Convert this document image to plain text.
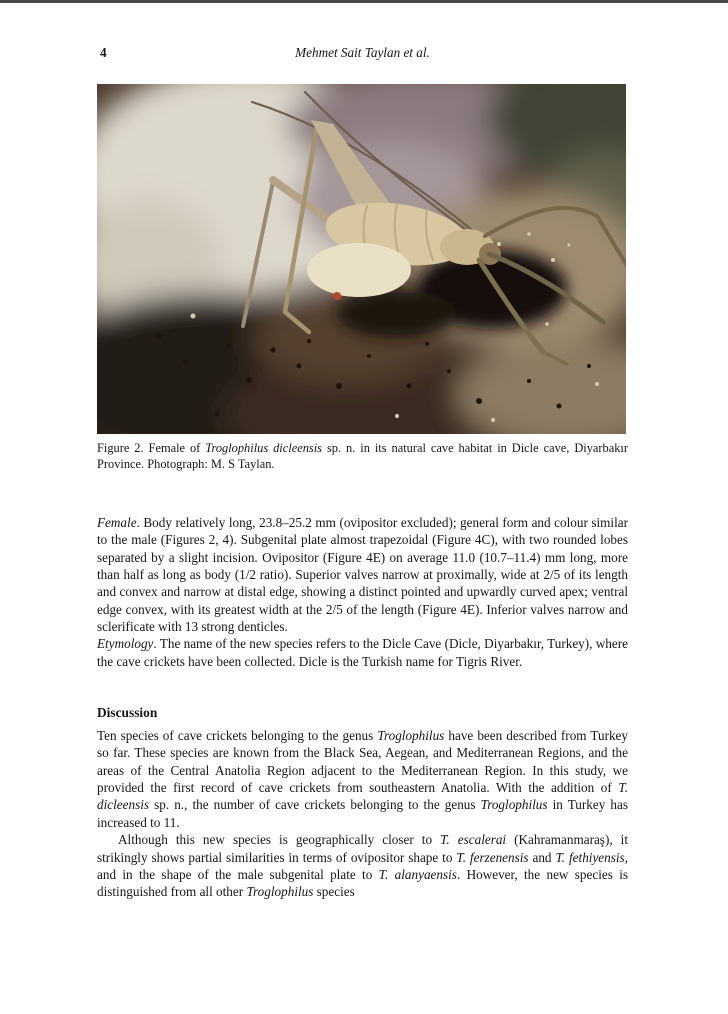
4	Mehmet Sait Taylan et al.

Figure 2. Female of Troglophilus dicleensis sp. n. in its natural cave habitat in Dicle cave, Diyarbakır Province. Photograph: M. S Taylan.

Female. Body relatively long, 23.8–25.2 mm (ovipositor excluded); general form and colour similar to the male (Figures 2, 4). Subgenital plate almost trapezoidal (Figure 4C), with two rounded lobes separated by a slight incision. Ovipositor (Figure 4E) on average 11.0 (10.7–11.4) mm long, more than half as long as body (1/2 ratio). Superior valves narrow at proximally, wide at 2/5 of its length and convex and narrow at distal edge, showing a distinct pointed and upwardly curved apex; ventral edge convex, with its greatest width at the 2/5 of the length (Figure 4E). Inferior valves narrow and sclerificate with 13 strong denticles.

Etymology. The name of the new species refers to the Dicle Cave (Dicle, Diyarbakır, Turkey), where the cave crickets have been collected. Dicle is the Turkish name for Tigris River.

Discussion

Ten species of cave crickets belonging to the genus Troglophilus have been described from Turkey so far. These species are known from the Black Sea, Aegean, and Mediterranean Regions, and the areas of the Central Anatolia Region adjacent to the Mediterranean Region. In this study, we provided the first record of cave crickets from southeastern Anatolia. With the addition of T. dicleensis sp. n., the number of cave crickets belonging to the genus Troglophilus in Turkey has increased to 11.

Although this new species is geographically closer to T. escalerai (Kahramanmaraş), it strikingly shows partial similarities in terms of ovipositor shape to T. ferzenensis and T. fethiyensis, and in the shape of the male subgenital plate to T. alanyaensis. However, the new species is distinguished from all other Troglophilus species
